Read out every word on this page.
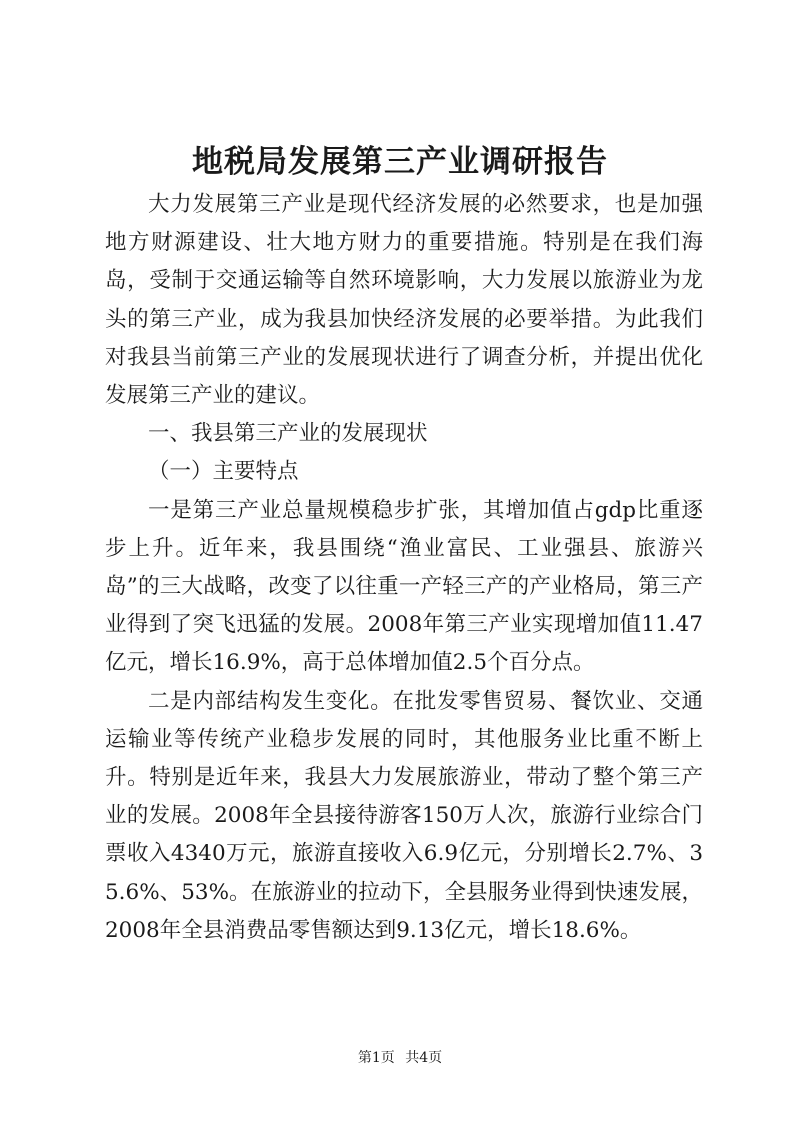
地税局发展第三产业调研报告

大力发展第三产业是现代经济发展的必然要求，也是加强地方财源建设、壮大地方财力的重要措施。特别是在我们海岛，受制于交通运输等自然环境影响，大力发展以旅游业为龙头的第三产业，成为我县加快经济发展的必要举措。为此我们对我县当前第三产业的发展现状进行了调查分析，并提出优化发展第三产业的建议。

一、我县第三产业的发展现状

（一）主要特点

一是第三产业总量规模稳步扩张，其增加值占gdp比重逐步上升。近年来，我县围绕“渔业富民、工业强县、旅游兴岛”的三大战略，改变了以往重一产轻三产的产业格局，第三产业得到了突飞迅猛的发展。2008年第三产业实现增加值11.47亿元，增长16.9%，高于总体增加值2.5个百分点。

二是内部结构发生变化。在批发零售贸易、餐饮业、交通运输业等传统产业稳步发展的同时，其他服务业比重不断上升。特别是近年来，我县大力发展旅游业，带动了整个第三产业的发展。2008年全县接待游客150万人次，旅游行业综合门票收入4340万元，旅游直接收入6.9亿元，分别增长2.7%、35.6%、53%。在旅游业的拉动下，全县服务业得到快速发展，2008年全县消费品零售额达到9.13亿元，增长18.6%。

第1页 共4页
